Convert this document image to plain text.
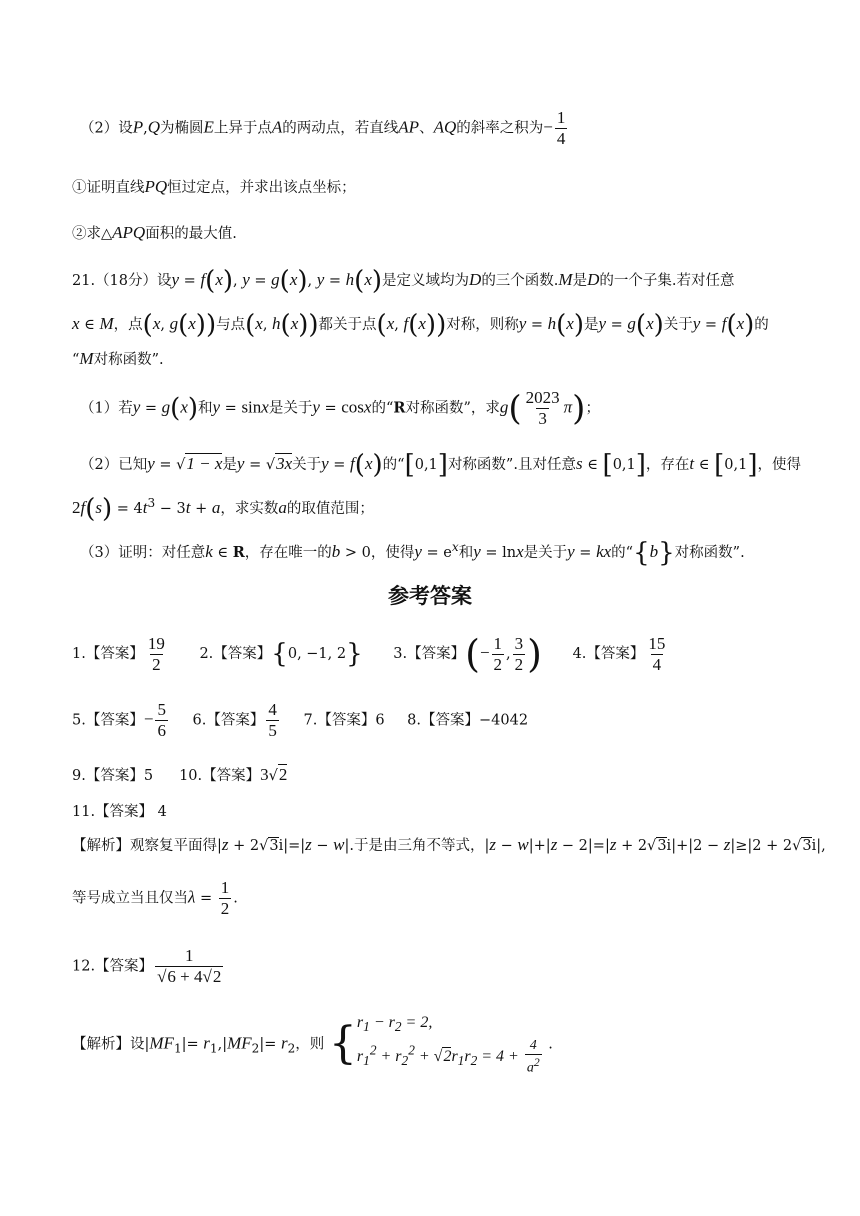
（2）设P,Q为椭圆E上异于点A的两动点，若直线AP、AQ的斜率之积为− $\frac{1}{4}$
①证明直线PQ恒过定点，并求出该点坐标；
②求△APQ面积的最大值.
21.（18分）设y = f(x), y = g(x), y = h(x)是定义域均为D的三个函数.M是D的一个子集.若对任意
x ∈ M，点(x, g(x))与点(x, h(x))都关于点(x, f(x))对称，则称y = h(x)是y = g(x)关于y = f(x)的
“M对称函数”.
（1）若y = g(x)和y = sinx是关于y = cosx的“R对称函数”，求$g( \frac{2023}{3} \pi)$；
（2）已知y = √1 − x是y = √3x关于y = f(x)的“[0,1]对称函数”.且对任意s ∈ [0,1]，存在t ∈ [0,1]，使得
$2f(s) = 4t^3 - 3t + a$，求实数a的取值范围；
（3）证明：对任意k ∈ R，存在唯一的b > 0，使得$y = e^x$和y = lnx是关于y = kx的“{b}对称函数”.
参考答案
1.【答案】 $\frac{19}{2} 2$.【答案】{0, −1, 2} 3.【答案】(− $\frac{1}{2}$ , $\frac{3}{2}$ ) 4.【答案】 $\frac{15}{4}$
5.【答案】− $\frac{5}{6} 6$.【答案】 $\frac{4}{5} 7$.【答案】6 8.【答案】−4042
9.【答案】5 10.【答案】3√2
11.【答案】 4
【解析】观察复平面得|z + 2√3i|=|z − w|.于是由三角不等式，|z − w|+|z − 2|=|z + 2√3i|+|2 − z|≥|2 + 2√3i|,
等号成立当且仅当$\lambda = \frac{1}{2}$ .
12.【答案】 $\frac{1}{√6 + 4√2}$
【解析】设$|MF_1|= r_1,|MF_2|= r_2$，则 { $r_1 - r_2 = 2$,
$r_1^2 + r_2^2 + √2r_1r_2 = 4 + \frac{4}{a^2}$ .
